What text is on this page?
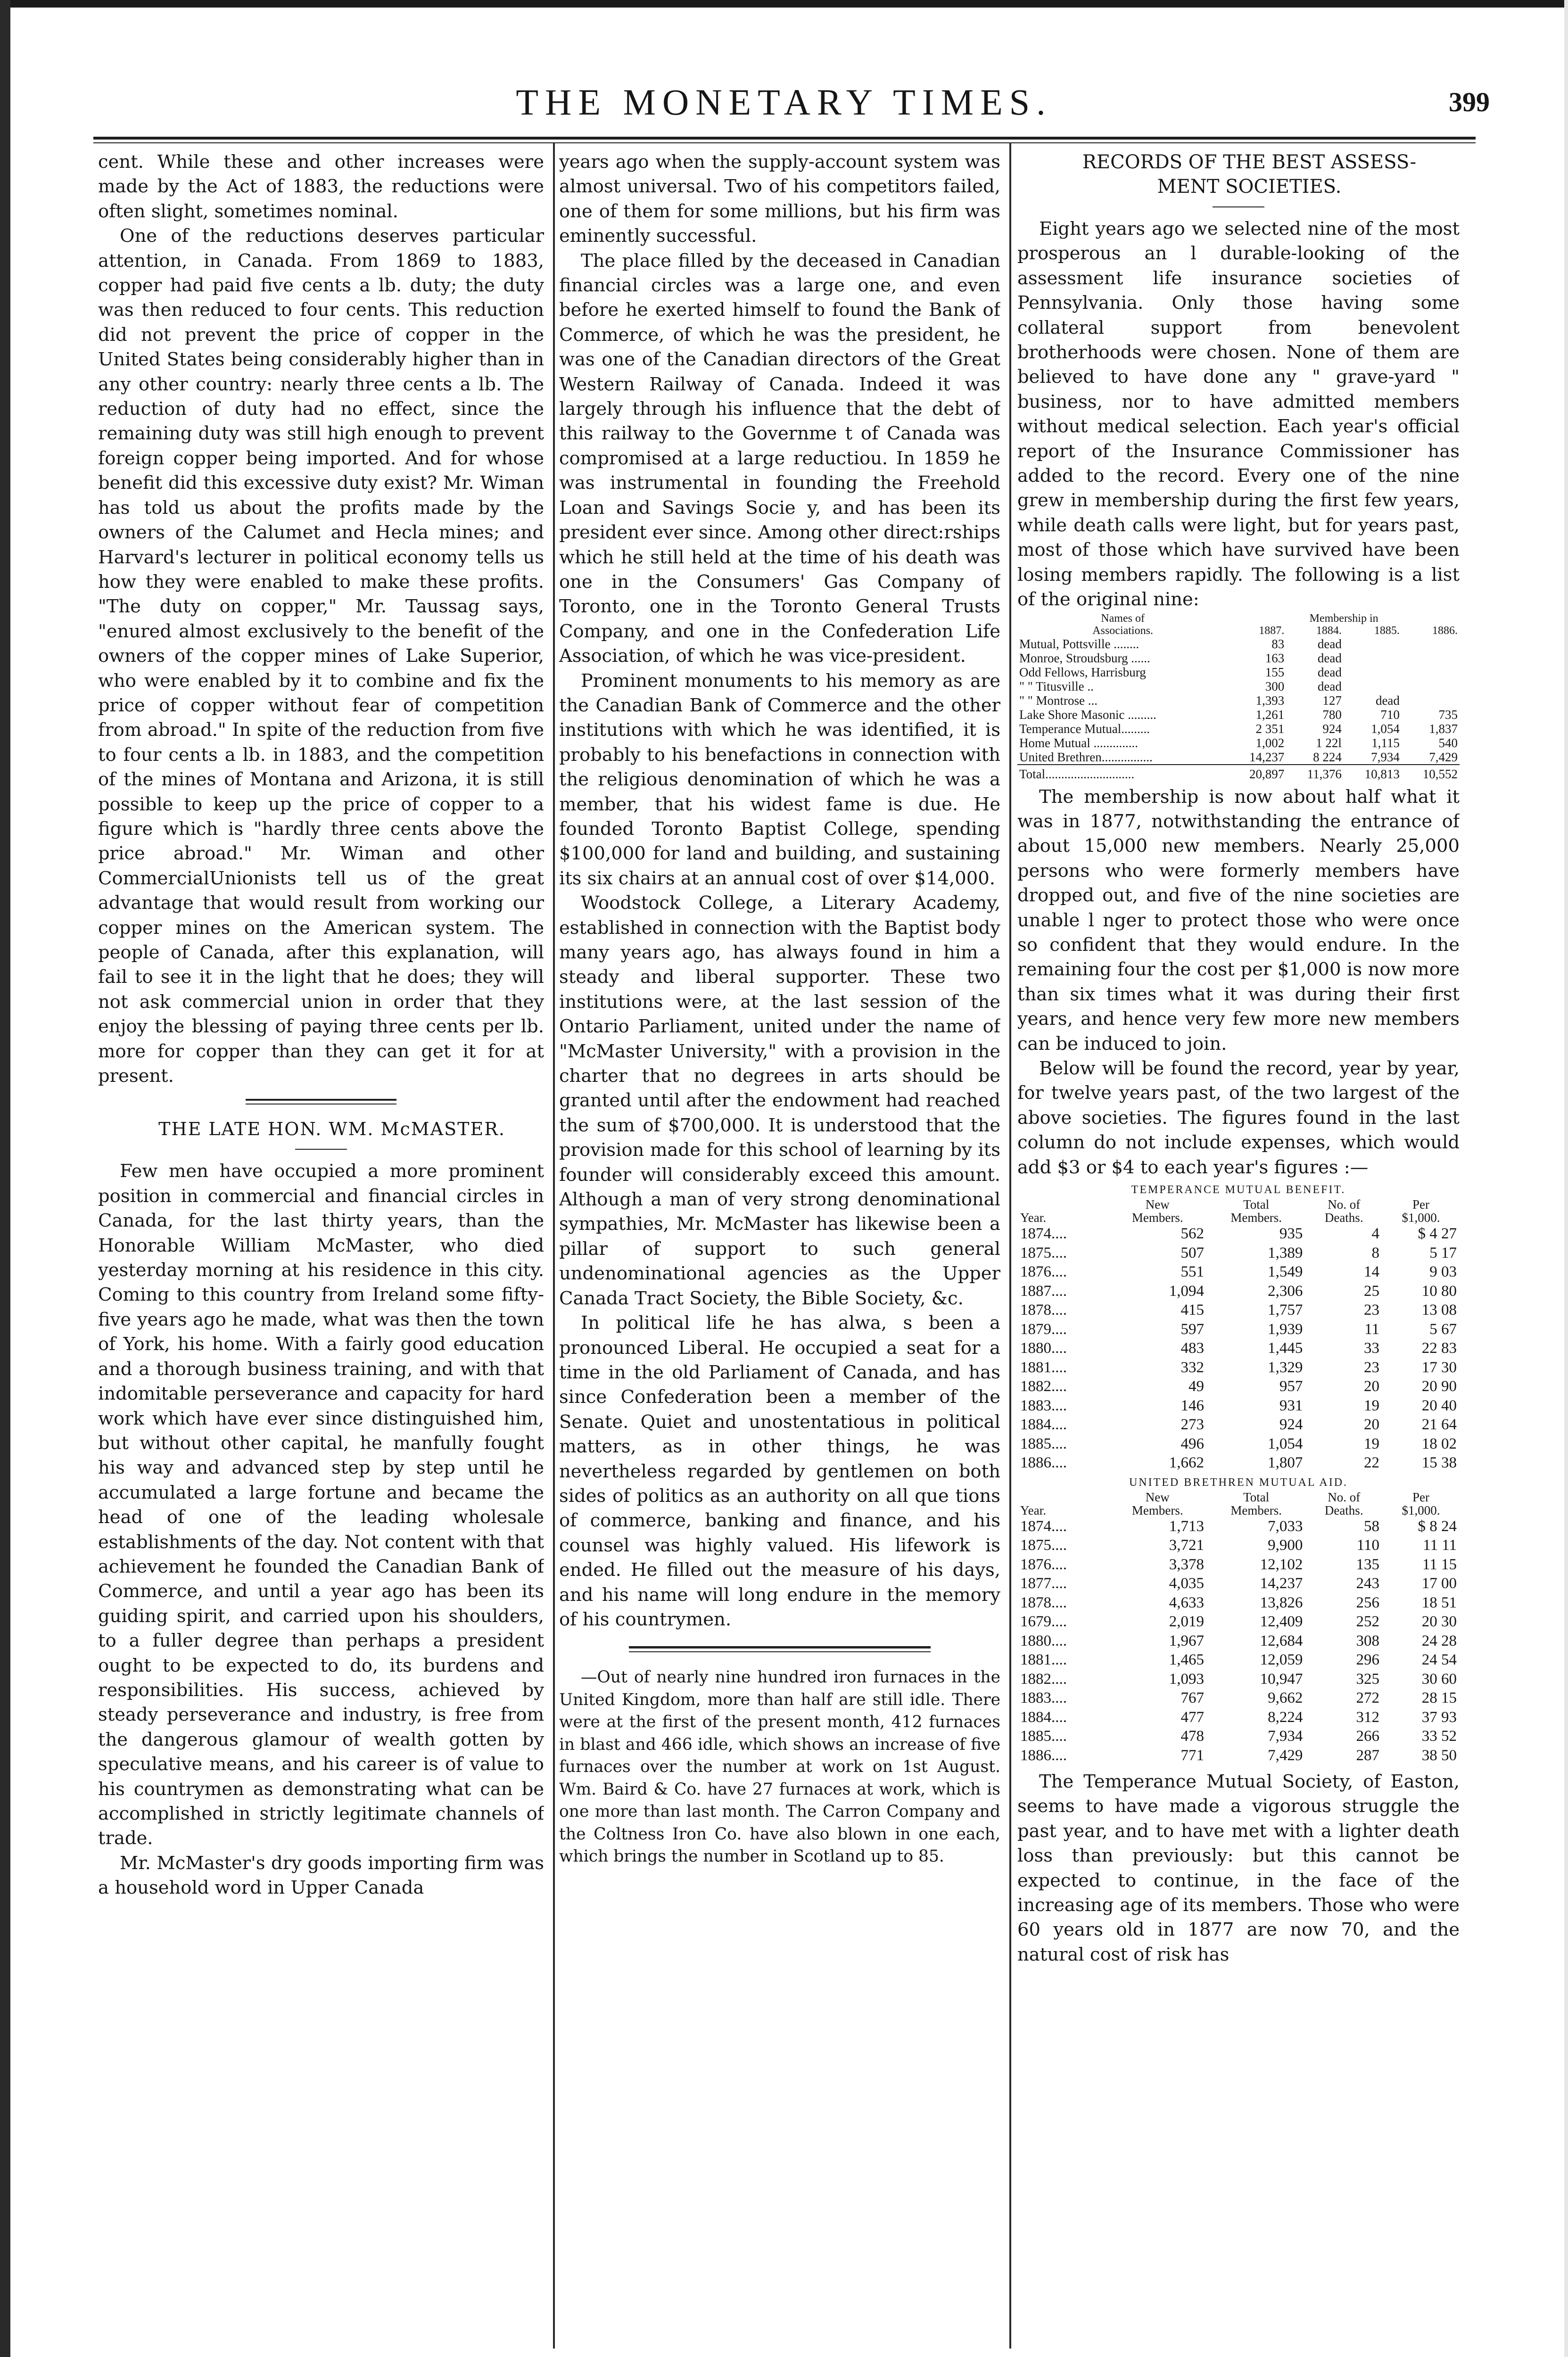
THE MONETARY TIMES.	399

cent. While these and other increases were made by the Act of 1883, the reductions were often slight, sometimes nominal.

One of the reductions deserves particular attention, in Canada. From 1869 to 1883, copper had paid five cents a lb. duty; the duty was then reduced to four cents. This reduction did not prevent the price of copper in the United States being considerably higher than in any other country: nearly three cents a lb. The reduction of duty had no effect, since the remaining duty was still high enough to prevent foreign copper being imported. And for whose benefit did this excessive duty exist? Mr. Wiman has told us about the profits made by the owners of the Calumet and Hecla mines; and Harvard's lecturer in political economy tells us how they were enabled to make these profits. "The duty on copper," Mr. Taussag says, "enured almost exclusively to the benefit of the owners of the copper mines of Lake Superior, who were enabled by it to combine and fix the price of copper without fear of competition from abroad." In spite of the reduction from five to four cents a lb. in 1883, and the competition of the mines of Montana and Arizona, it is still possible to keep up the price of copper to a figure which is "hardly three cents above the price abroad." Mr. Wiman and other CommercialUnionists tell us of the great advantage that would result from working our copper mines on the American system. The people of Canada, after this explanation, will fail to see it in the light that he does; they will not ask commercial union in order that they enjoy the blessing of paying three cents per lb. more for copper than they can get it for at present.

THE LATE HON. WM. McMASTER.

Few men have occupied a more prominent position in commercial and financial circles in Canada, for the last thirty years, than the Honorable William McMaster, who died yesterday morning at his residence in this city. Coming to this country from Ireland some fifty-five years ago he made, what was then the town of York, his home. With a fairly good education and a thorough business training, and with that indomitable perseverance and capacity for hard work which have ever since distinguished him, but without other capital, he manfully fought his way and advanced step by step until he accumulated a large fortune and became the head of one of the leading wholesale establishments of the day. Not content with that achievement he founded the Canadian Bank of Commerce, and until a year ago has been its guiding spirit, and carried upon his shoulders, to a fuller degree than perhaps a president ought to be expected to do, its burdens and responsibilities. His success, achieved by steady perseverance and industry, is free from the dangerous glamour of wealth gotten by speculative means, and his career is of value to his countrymen as demonstrating what can be accomplished in strictly legitimate channels of trade.

Mr. McMaster's dry goods importing firm was a household word in Upper Canada

years ago when the supply-account system was almost universal. Two of his competitors failed, one of them for some millions, but his firm was eminently successful.

The place filled by the deceased in Canadian financial circles was a large one, and even before he exerted himself to found the Bank of Commerce, of which he was the president, he was one of the Canadian directors of the Great Western Railway of Canada. Indeed it was largely through his influence that the debt of this railway to the Governme t of Canada was compromised at a large reductiou. In 1859 he was instrumental in founding the Freehold Loan and Savings Socie y, and has been its president ever since. Among other direct:rships which he still held at the time of his death was one in the Consumers' Gas Company of Toronto, one in the Toronto General Trusts Company, and one in the Confederation Life Association, of which he was vice-president.

Prominent monuments to his memory as are the Canadian Bank of Commerce and the other institutions with which he was identified, it is probably to his benefactions in connection with the religious denomination of which he was a member, that his widest fame is due. He founded Toronto Baptist College, spending $100,000 for land and building, and sustaining its six chairs at an annual cost of over $14,000.

Woodstock College, a Literary Academy, established in connection with the Baptist body many years ago, has always found in him a steady and liberal supporter. These two institutions were, at the last session of the Ontario Parliament, united under the name of "McMaster University," with a provision in the charter that no degrees in arts should be granted until after the endowment had reached the sum of $700,000. It is understood that the provision made for this school of learning by its founder will considerably exceed this amount. Although a man of very strong denominational sympathies, Mr. McMaster has likewise been a pillar of support to such general undenominational agencies as the Upper Canada Tract Society, the Bible Society, &c.

In political life he has alwa, s been a pronounced Liberal. He occupied a seat for a time in the old Parliament of Canada, and has since Confederation been a member of the Senate. Quiet and unostentatious in political matters, as in other things, he was nevertheless regarded by gentlemen on both sides of politics as an authority on all que tions of commerce, banking and finance, and his counsel was highly valued. His lifework is ended. He filled out the measure of his days, and his name will long endure in the memory of his countrymen.

—Out of nearly nine hundred iron furnaces in the United Kingdom, more than half are still idle. There were at the first of the present month, 412 furnaces in blast and 466 idle, which shows an increase of five furnaces over the number at work on 1st August. Wm. Baird & Co. have 27 furnaces at work, which is one more than last month. The Carron Company and the Coltness Iron Co. have also blown in one each, which brings the number in Scotland up to 85.

RECORDS OF THE BEST ASSESS-

MENT SOCIETIES.

Eight years ago we selected nine of the most prosperous an l durable-looking of the assessment life insurance societies of Pennsylvania. Only those having some collateral support from benevolent brotherhoods were chosen. None of them are believed to have done any " grave-yard " business, nor to have admitted members without medical selection. Each year's official report of the Insurance Commissioner has added to the record. Every one of the nine grew in membership during the first few years, while death calls were light, but for years past, most of those which have survived have been losing members rapidly. The following is a list of the original nine:

Names of	Membership in			
Associations.	1887.	1884.	1885.	1886.
Mutual, Pottsville ........	83	dead		
Monroe, Stroudsburg ......	163	dead		
Odd Fellows, Harrisburg	155	dead		
" " Titusville ..	300	dead		
" " Montrose ...	1,393	127	dead	
Lake Shore Masonic .........	1,261	780	710	735
Temperance Mutual.........	2 351	924	1,054	1,837
Home Mutual ..............	1,002	1 22l	1,115	540
United Brethren................	14,237	8 224	7,934	7,429
Total............................	20,897	11,376	10,813	10,552

The membership is now about half what it was in 1877, notwithstanding the entrance of about 15,000 new members. Nearly 25,000 persons who were formerly members have dropped out, and five of the nine societies are unable l nger to protect those who were once so confident that they would endure. In the remaining four the cost per $1,000 is now more than six times what it was during their first years, and hence very few more new members can be induced to join.

Below will be found the record, year by year, for twelve years past, of the two largest of the above societies. The figures found in the last column do not include expenses, which would add $3 or $4 to each year's figures :—

TEMPERANCE MUTUAL BENEFIT.
	New	Total	No. of	Per
Year.	Members.	Members.	Deaths.	$1,000.
1874....	562	935	4	$ 4 27
1875....	507	1,389	8	5 17
1876....	551	1,549	14	9 03
1887....	1,094	2,306	25	10 80
1878....	415	1,757	23	13 08
1879....	597	1,939	11	5 67
1880....	483	1,445	33	22 83
1881....	332	1,329	23	17 30
1882....	49	957	20	20 90
1883....	146	931	19	20 40
1884....	273	924	20	21 64
1885....	496	1,054	19	18 02
1886....	1,662	1,807	22	15 38
UNITED BRETHREN MUTUAL AID.
	New	Total	No. of	Per
Year.	Members.	Members.	Deaths.	$1,000.
1874....	1,713	7,033	58	$ 8 24
1875....	3,721	9,900	110	11 11
1876....	3,378	12,102	135	11 15
1877....	4,035	14,237	243	17 00
1878....	4,633	13,826	256	18 51
1679....	2,019	12,409	252	20 30
1880....	1,967	12,684	308	24 28
1881....	1,465	12,059	296	24 54
1882....	1,093	10,947	325	30 60
1883....	767	9,662	272	28 15
1884....	477	8,224	312	37 93
1885....	478	7,934	266	33 52
1886....	771	7,429	287	38 50

The Temperance Mutual Society, of Easton, seems to have made a vigorous struggle the past year, and to have met with a lighter death loss than previously: but this cannot be expected to continue, in the face of the increasing age of its members. Those who were 60 years old in 1877 are now 70, and the natural cost of risk has
